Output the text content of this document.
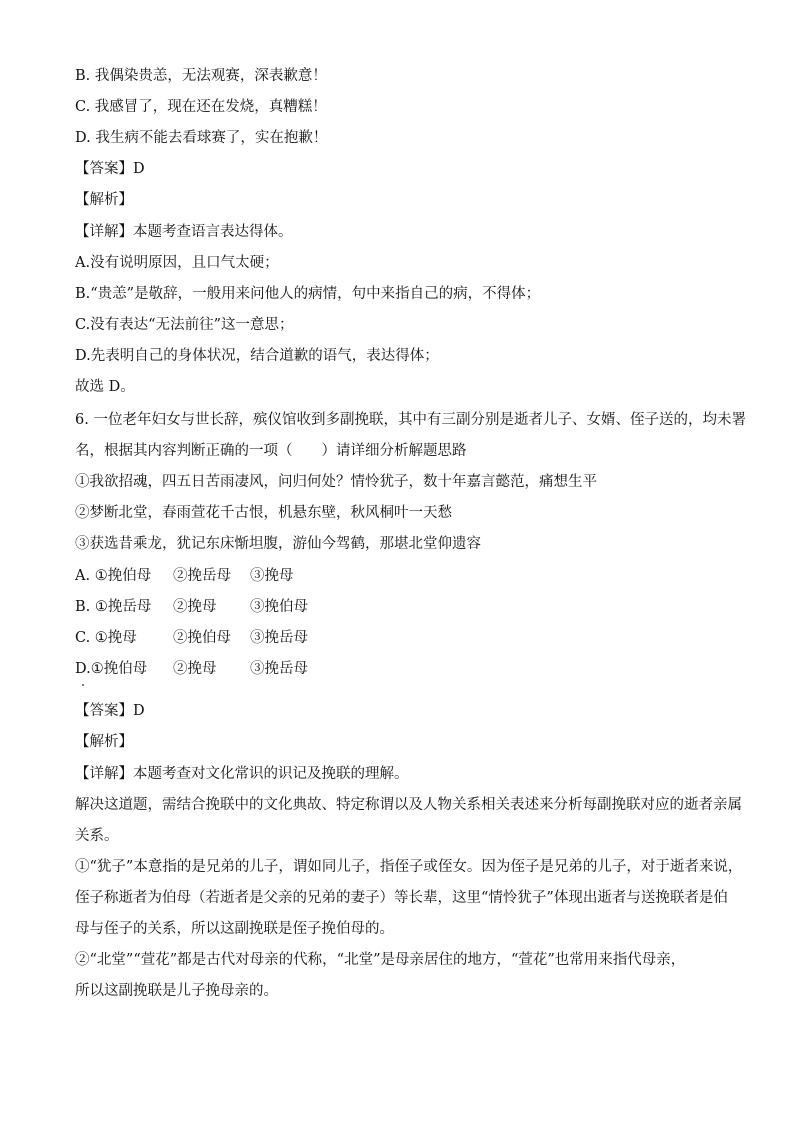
B. 我偶染贵恙，无法观赛，深表歉意！
C. 我感冒了，现在还在发烧，真糟糕！
D. 我生病不能去看球赛了，实在抱歉！
【答案】D
【解析】
【详解】本题考查语言表达得体。
A.没有说明原因，且口气太硬；
B.“贵恙”是敬辞，一般用来问他人的病情，句中来指自己的病，不得体；
C.没有表达“无法前往”这一意思；
D.先表明自己的身体状况，结合道歉的语气，表达得体；
故选 D。
6. 一位老年妇女与世长辞，殡仪馆收到多副挽联，其中有三副分别是逝者儿子、女婿、侄子送的，均未署
名，根据其内容判断正确的一项（　　）请详细分析解题思路
①我欲招魂，四五日苦雨凄风，问归何处？情怜犹子，数十年嘉言懿范，痛想生平
②梦断北堂，春雨萱花千古恨，机悬东壁，秋风桐叶一天愁
③获选昔乘龙，犹记东床惭坦腹，游仙今驾鹤，那堪北堂仰遗容
A. ①挽伯母 ②挽岳母 ③挽母
B. ①挽岳母 ②挽母 ③挽伯母
C. ①挽母 ②挽伯母 ③挽岳母
D.①挽伯母 ②挽母 ③挽岳母
【答案】D
【解析】
【详解】本题考查对文化常识的识记及挽联的理解。
解决这道题，需结合挽联中的文化典故、特定称谓以及人物关系相关表述来分析每副挽联对应的逝者亲属
关系。
①“犹子”本意指的是兄弟的儿子，谓如同儿子，指侄子或侄女。因为侄子是兄弟的儿子，对于逝者来说，
侄子称逝者为伯母（若逝者是父亲的兄弟的妻子）等长辈，这里“情怜犹子”体现出逝者与送挽联者是伯
母与侄子的关系，所以这副挽联是侄子挽伯母的。
②“北堂”“萱花”都是古代对母亲的代称，“北堂”是母亲居住的地方，“萱花”也常用来指代母亲，
所以这副挽联是儿子挽母亲的。
